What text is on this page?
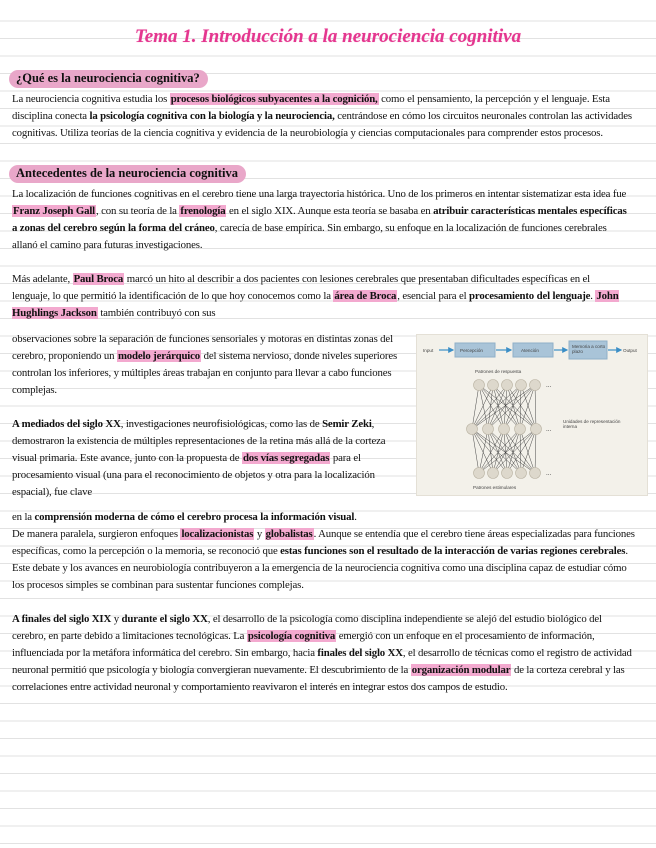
Tema 1. Introducción a la neurociencia cognitiva
¿Qué es la neurociencia cognitiva?

La neurociencia cognitiva estudia los procesos biológicos subyacentes a la cognición, como el pensamiento, la percepción y el lenguaje. Esta disciplina conecta la psicología cognitiva con la biología y la neurociencia, centrándose en cómo los circuitos neuronales controlan las actividades cognitivas. Utiliza teorías de la ciencia cognitiva y evidencia de la neurobiología y ciencias computacionales para comprender estos procesos.

Antecedentes de la neurociencia cognitiva

La localización de funciones cognitivas en el cerebro tiene una larga trayectoria histórica. Uno de los primeros en intentar sistematizar esta idea fue Franz Joseph Gall, con su teoría de la frenología en el siglo XIX. Aunque esta teoría se basaba en atribuir características mentales específicas a zonas del cerebro según la forma del cráneo, carecía de base empírica. Sin embargo, su enfoque en la localización de funciones cerebrales allanó el camino para futuras investigaciones.

Más adelante, Paul Broca marcó un hito al describir a dos pacientes con lesiones cerebrales que presentaban dificultades específicas en el lenguaje, lo que permitió la identificación de lo que hoy conocemos como la área de Broca, esencial para el procesamiento del lenguaje. John Hughlings Jackson también contribuyó con sus

observaciones sobre la separación de funciones sensoriales y motoras en distintas zonas del cerebro, proponiendo un modelo jerárquico del sistema nervioso, donde niveles superiores controlan los inferiores, y múltiples áreas trabajan en conjunto para llevar a cabo funciones complejas.

A mediados del siglo XX, investigaciones neurofisiológicas, como las de Semir Zeki, demostraron la existencia de múltiples representaciones de la retina más allá de la corteza visual primaria. Este avance, junto con la propuesta de dos vías segregadas para el procesamiento visual (una para el reconocimiento de objetos y otra para la localización espacial), fue clave

en la comprensión moderna de cómo el cerebro procesa la información visual.

De manera paralela, surgieron enfoques localizacionistas y globalistas. Aunque se entendía que el cerebro tiene áreas especializadas para funciones específicas, como la percepción o la memoria, se reconoció que estas funciones son el resultado de la interacción de varias regiones cerebrales. Este debate y los avances en neurobiología contribuyeron a la emergencia de la neurociencia cognitiva como una disciplina capaz de estudiar cómo los procesos simples se combinan para sustentar funciones complejas.

A finales del siglo XIX y durante el siglo XX, el desarrollo de la psicología como disciplina independiente se alejó del estudio biológico del cerebro, en parte debido a limitaciones tecnológicas. La psicología cognitiva emergió con un enfoque en el procesamiento de información, influenciada por la metáfora informática del cerebro. Sin embargo, hacia finales del siglo XX, el desarrollo de técnicas como el registro de actividad neuronal permitió que psicología y biología convergieran nuevamente. El descubrimiento de la organización modular de la corteza cerebral y las correlaciones entre actividad neuronal y comportamiento reavivaron el interés en integrar estos dos campos de estudio.

Input	Percepción	Atención
Memoria a corto plazo	Output
Patrones de respuesta
Patrones estimulares
Unidades de representación interna
...
...
...
